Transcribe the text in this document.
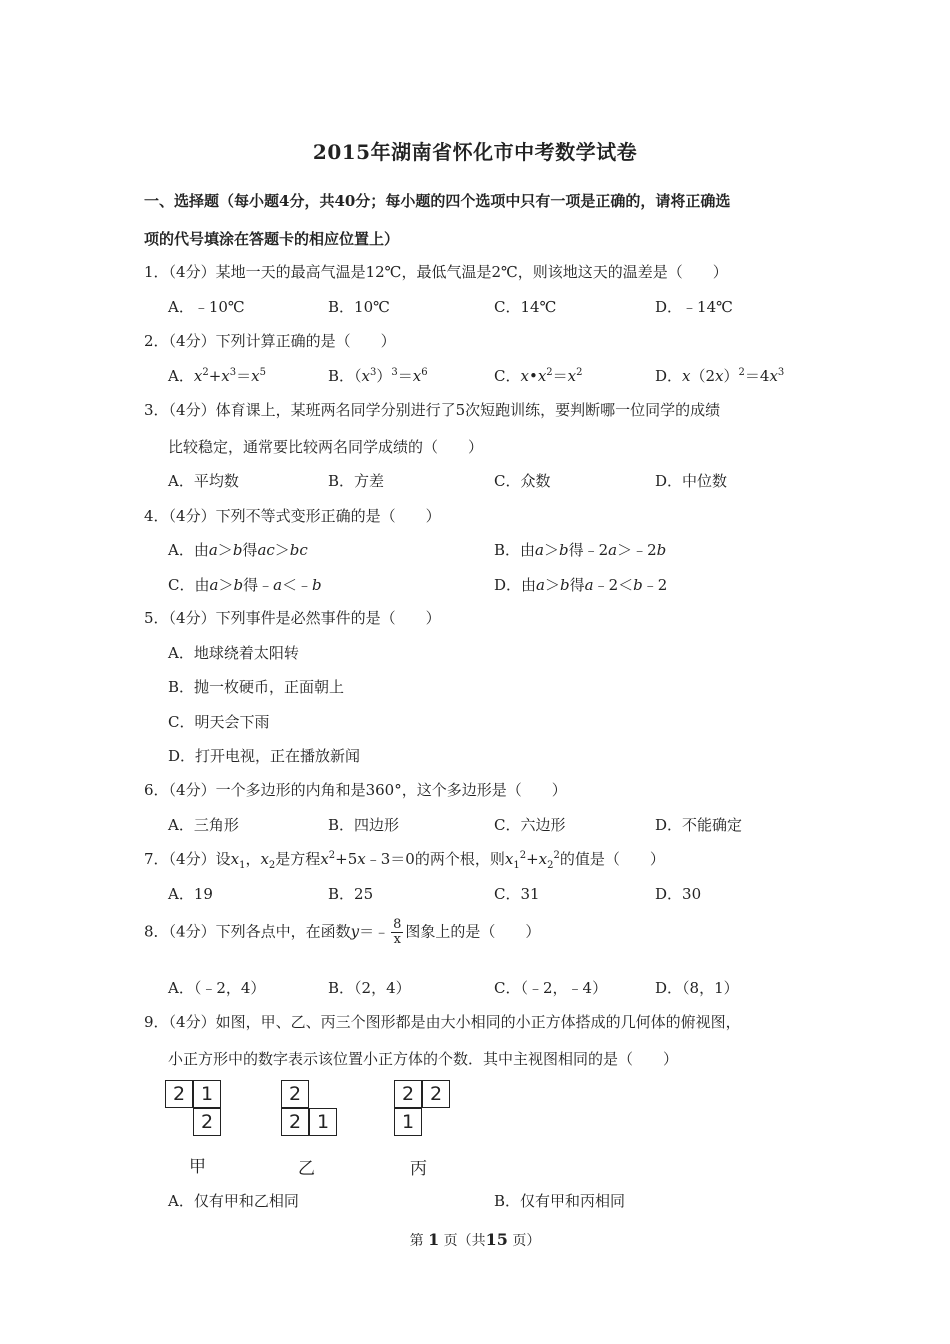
2015年湖南省怀化市中考数学试卷
一、选择题（每小题4分，共40分；每小题的四个选项中只有一项是正确的，请将正确选
项的代号填涂在答题卡的相应位置上）
1．（4分）某地一天的最高气温是12℃，最低气温是2℃，则该地这天的温差是（　　）
A．﹣10℃	B．10℃	C．14℃	D．﹣14℃
2．（4分）下列计算正确的是（　　）
A．$x^2+x^3=x^5$	B．$(x^3)^3=x^6$	C．$x•x^2=x^2$	D．$x(2x)^2=4x^3$
3．（4分）体育课上，某班两名同学分别进行了5次短跑训练，要判断哪一位同学的成绩
比较稳定，通常要比较两名同学成绩的（　　）
A．平均数	B．方差	C．众数	D．中位数
4．（4分）下列不等式变形正确的是（　　）
A．由a＞b得ac＞bc	B．由a＞b得﹣2a＞﹣2b
C．由a＞b得﹣a＜﹣b	D．由a＞b得a﹣2＜b﹣2
5．（4分）下列事件是必然事件的是（　　）
A．地球绕着太阳转
B．抛一枚硬币，正面朝上
C．明天会下雨
D．打开电视，正在播放新闻
6．（4分）一个多边形的内角和是360°，这个多边形是（　　）
A．三角形	B．四边形	C．六边形	D．不能确定
7．（4分）设$x_1$，$x_2$是方程$x^2+5x﹣3=0$的两个根，则$x_1^2+x_2^2$的值是（　　）
A．19	B．25	C．31	D．30
8．（4分）下列各点中，在函数y＝﹣ $\frac{8}{x}$ 图象上的是（　　）
A．（﹣2，4）	B．（2，4）	C．（﹣2，﹣4）	D．（8，1）
9．（4分）如图，甲、乙、丙三个图形都是由大小相同的小正方体搭成的几何体的俯视图，
小正方形中的数字表示该位置小正方体的个数．其中主视图相同的是（　　）
2 1
2
甲
2
2 1
乙
2 2
1
丙
A．仅有甲和乙相同	B．仅有甲和丙相同
第 1 页（共15 页）
